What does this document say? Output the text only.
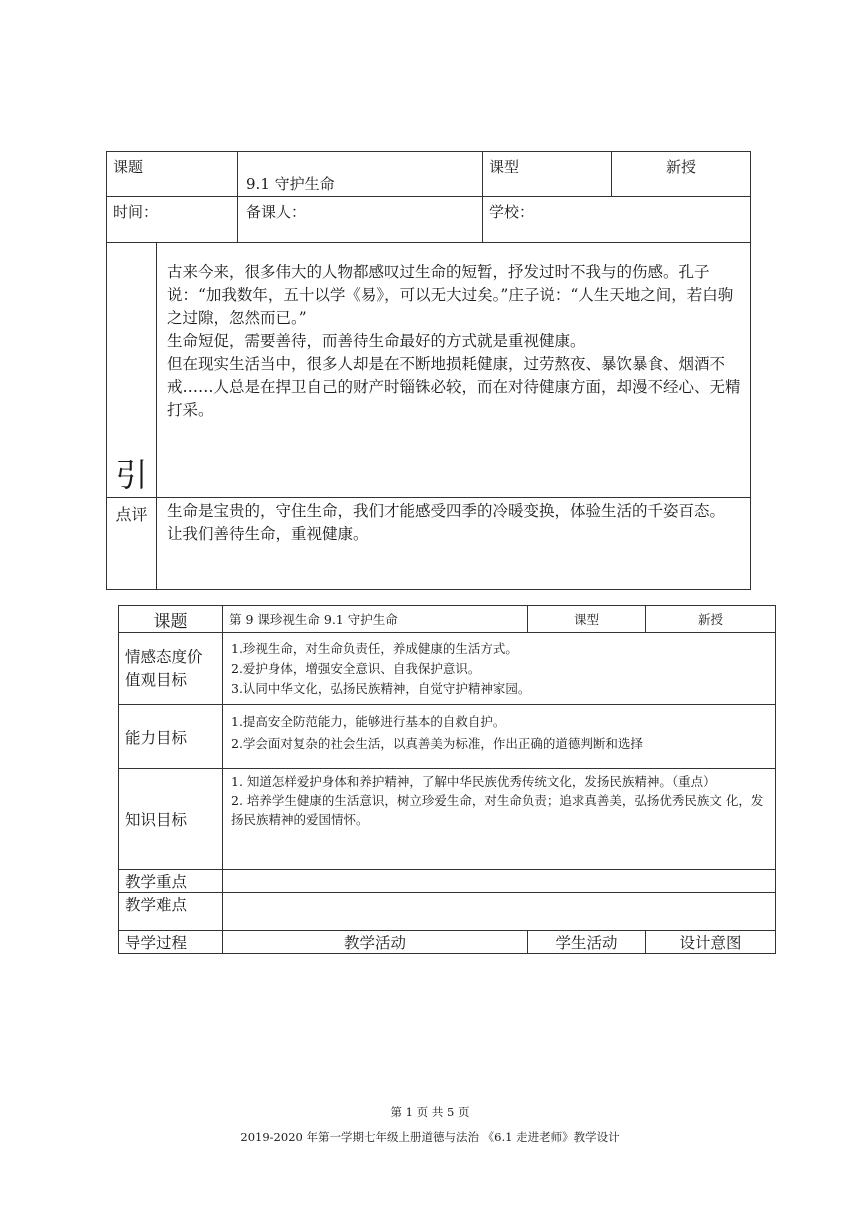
课题		9.1 守护生命	课型	新授
时间：		备课人：	学校：	
引	古来今来，很多伟大的人物都感叹过生命的短暂，抒发过时不我与的伤感。孔子说：“加我数年，五十以学《易》，可以无大过矣。”庄子说：“人生天地之间，若白驹之过隙，忽然而已。”

生命短促，需要善待，而善待生命最好的方式就是重视健康。

但在现实生活当中，很多人却是在不断地损耗健康，过劳熬夜、暴饮暴食、烟酒不戒……人总是在捍卫自己的财产时锱铢必较，而在对待健康方面，却漫不经心、无精打采。			

点评	生命是宝贵的，守住生命，我们才能感受四季的冷暖变换，体验生活的千姿百态。让我们善待生命，重视健康。			

课题	第 9 课珍视生命 9.1 守护生命	课型	新授
情感态度价值观目标	1.珍视生命，对生命负责任，养成健康的生活方式。
2.爱护身体，增强安全意识、自我保护意识。
3.认同中华文化，弘扬民族精神，自觉守护精神家园。		

能力目标	1.提高安全防范能力，能够进行基本的自救自护。
2.学会面对复杂的社会生活，以真善美为标准，作出正确的道德判断和选择		

知识目标	1. 知道怎样爱护身体和养护精神，了解中华民族优秀传统文化，发扬民族精神。（重点）
2. 培养学生健康的生活意识，树立珍爱生命，对生命负责；追求真善美，弘扬优秀民族文 化，发扬民族精神的爱国情怀。		

教学重点			
教学难点			
导学过程	教学活动	学生活动	设计意图
第 1 页 共 5 页
2019-2020 年第一学期七年级上册道德与法治 《6.1 走进老师》教学设计
